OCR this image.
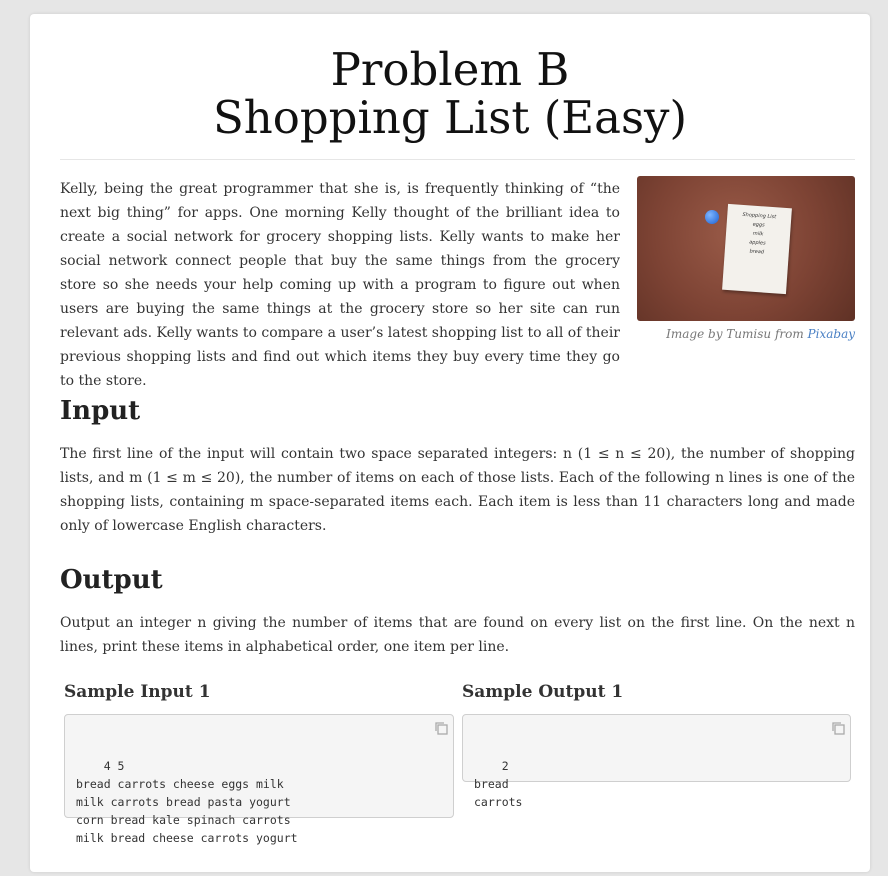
Problem B
Shopping List (Easy)

Kelly, being the great programmer that she is, is frequently thinking of “the next big thing” for apps. One morning Kelly thought of the brilliant idea to create a social network for grocery shopping lists. Kelly wants to make her social network connect people that buy the same things from the grocery store so she needs your help coming up with a program to figure out when users are buying the same things at the grocery store so her site can run relevant ads. Kelly wants to compare a user’s latest shopping list to all of their previous shopping lists and find out which items they buy every time they go to the store.

Shopping List
eggs
milk
apples
bread
Image by Tumisu from Pixabay
Input

The first line of the input will contain two space separated integers: n (1 ≤ n ≤ 20), the number of shopping lists, and m (1 ≤ m ≤ 20), the number of items on each of those lists. Each of the following n lines is one of the shopping lists, containing m space-separated items each. Each item is less than 11 characters long and made only of lowercase English characters.

Output

Output an integer n giving the number of items that are found on every list on the first line. On the next n lines, print these items in alphabetical order, one item per line.

Sample Input 1	Sample Output 1

4 5
bread carrots cheese eggs milk
milk carrots bread pasta yogurt
corn bread kale spinach carrots
milk bread cheese carrots yogurt

2
bread
carrots
